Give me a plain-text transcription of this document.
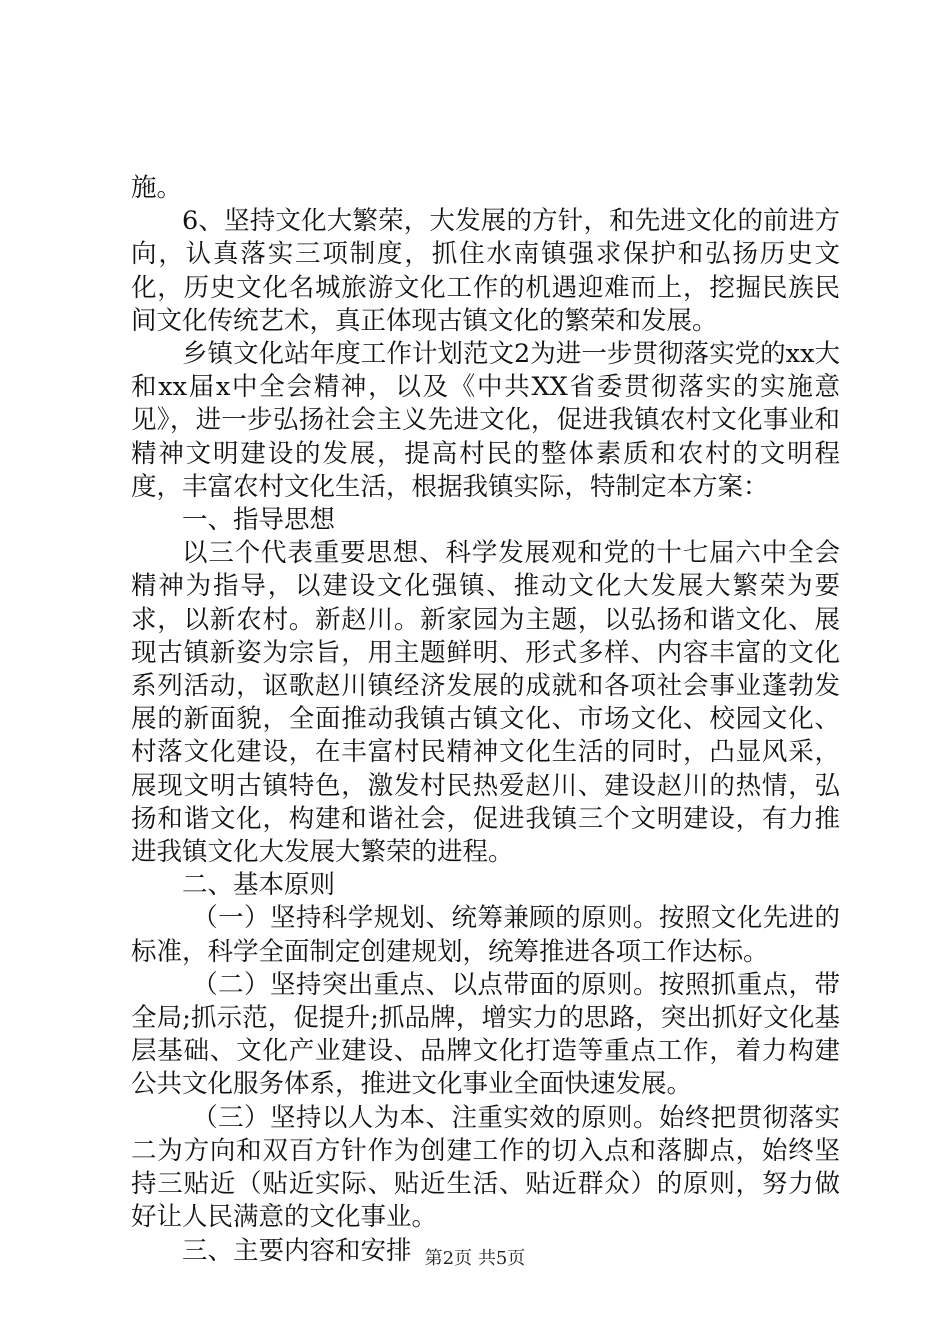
施。

6、坚持文化大繁荣，大发展的方针，和先进文化的前进方向，认真落实三项制度，抓住水南镇强求保护和弘扬历史文化，历史文化名城旅游文化工作的机遇迎难而上，挖掘民族民间文化传统艺术，真正体现古镇文化的繁荣和发展。

乡镇文化站年度工作计划范文2为进一步贯彻落实党的xx大和xx届x中全会精神，以及《中共XX省委贯彻落实的实施意见》，进一步弘扬社会主义先进文化，促进我镇农村文化事业和精神文明建设的发展，提高村民的整体素质和农村的文明程度，丰富农村文化生活，根据我镇实际，特制定本方案：

一、指导思想

以三个代表重要思想、科学发展观和党的十七届六中全会精神为指导，以建设文化强镇、推动文化大发展大繁荣为要求，以新农村。新赵川。新家园为主题，以弘扬和谐文化、展现古镇新姿为宗旨，用主题鲜明、形式多样、内容丰富的文化系列活动，讴歌赵川镇经济发展的成就和各项社会事业蓬勃发展的新面貌，全面推动我镇古镇文化、市场文化、校园文化、村落文化建设，在丰富村民精神文化生活的同时，凸显风采，展现文明古镇特色，激发村民热爱赵川、建设赵川的热情，弘扬和谐文化，构建和谐社会，促进我镇三个文明建设，有力推进我镇文化大发展大繁荣的进程。

二、基本原则

（一）坚持科学规划、统筹兼顾的原则。按照文化先进的标准，科学全面制定创建规划，统筹推进各项工作达标。

（二）坚持突出重点、以点带面的原则。按照抓重点，带全局;抓示范，促提升;抓品牌，增实力的思路，突出抓好文化基层基础、文化产业建设、品牌文化打造等重点工作，着力构建公共文化服务体系，推进文化事业全面快速发展。

（三）坚持以人为本、注重实效的原则。始终把贯彻落实二为方向和双百方针作为创建工作的切入点和落脚点，始终坚持三贴近（贴近实际、贴近生活、贴近群众）的原则，努力做好让人民满意的文化事业。

三、主要内容和安排 第2页 共5页
